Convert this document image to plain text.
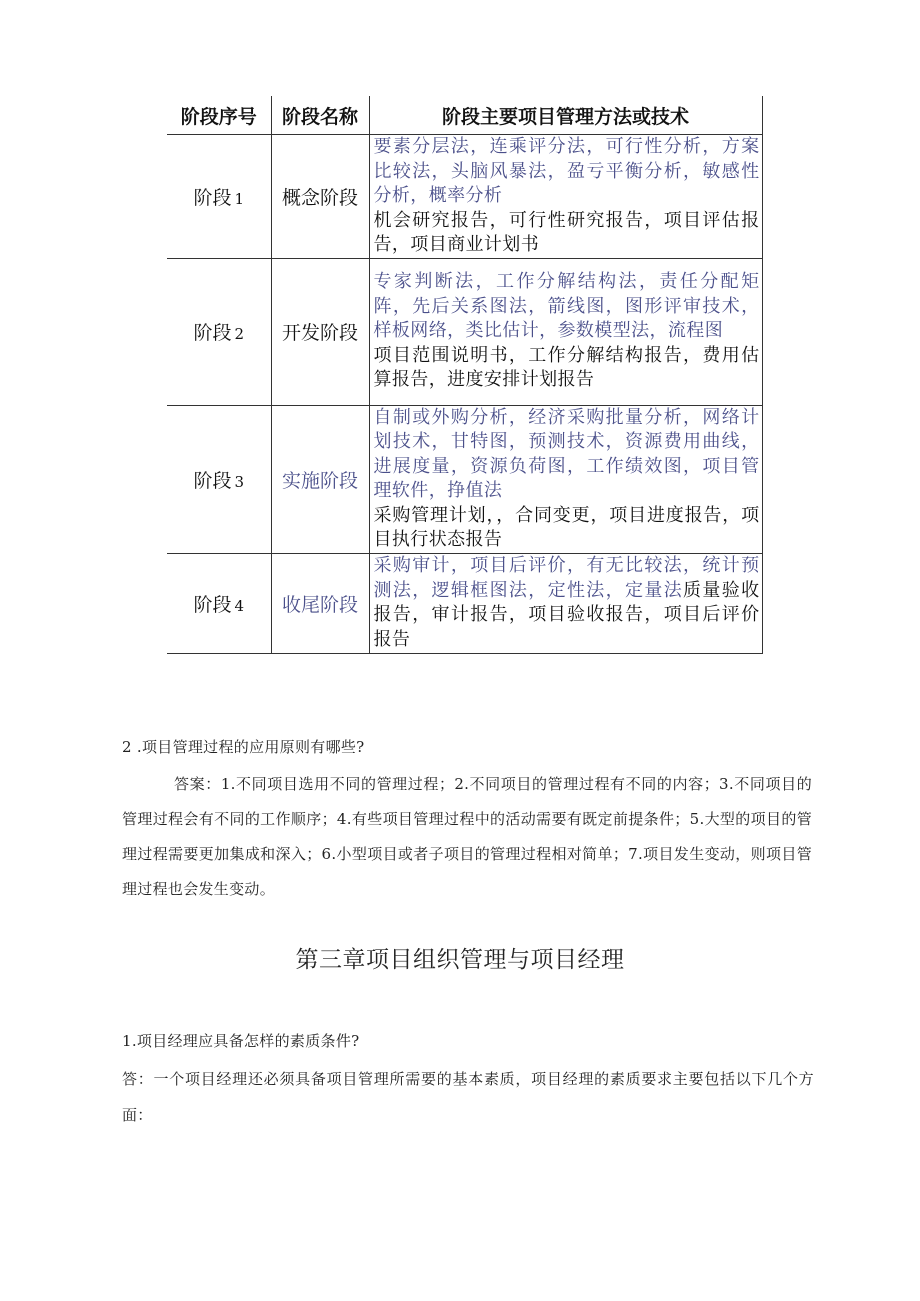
阶段序号	阶段名称	阶段主要项目管理方法或技术
阶段 1	概念阶段	要素分层法，连乘评分法，可行性分析，方案比较法，头脑风暴法，盈亏平衡分析，敏感性分析，概率分析
机会研究报告，可行性研究报告，项目评估报告，项目商业计划书
阶段 2	开发阶段	专家判断法，工作分解结构法，责任分配矩阵，先后关系图法，箭线图，图形评审技术，样板网络，类比估计，参数模型法，流程图
项目范围说明书，工作分解结构报告，费用估算报告，进度安排计划报告
阶段 3	实施阶段	自制或外购分析，经济采购批量分析，网络计划技术，甘特图，预测技术，资源费用曲线，进展度量，资源负荷图，工作绩效图，项目管理软件，挣值法
采购管理计划，，合同变更，项目进度报告，项目执行状态报告
阶段 4	收尾阶段	采购审计，项目后评价，有无比较法，统计预测法，逻辑框图法，定性法，定量法质量验收报告，审计报告，项目验收报告，项目后评价报告
2 .项目管理过程的应用原则有哪些?
答案：1.不同项目选用不同的管理过程；2.不同项目的管理过程有不同的内容；3.不同项目的管理过程会有不同的工作顺序；4.有些项目管理过程中的活动需要有既定前提条件；5.大型的项目的管理过程需要更加集成和深入；6.小型项目或者子项目的管理过程相对简单；7.项目发生变动，则项目管理过程也会发生变动。
第三章项目组织管理与项目经理
1.项目经理应具备怎样的素质条件?
答：一个项目经理还必须具备项目管理所需要的基本素质，项目经理的素质要求主要包括以下几个方面：
